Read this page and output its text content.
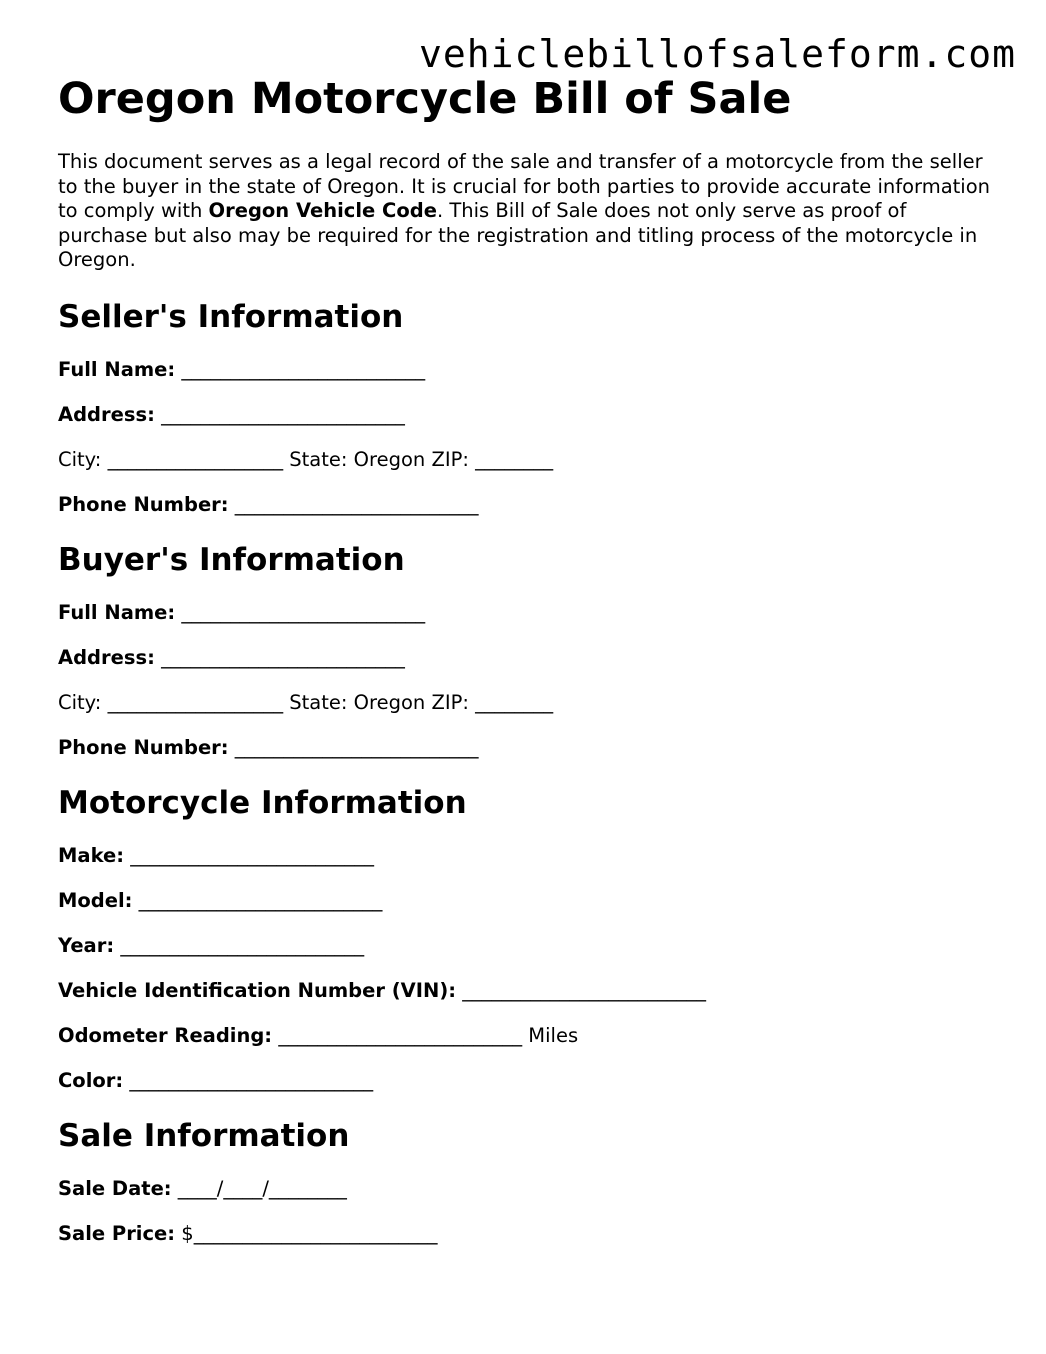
vehiclebillofsaleform.com
Oregon Motorcycle Bill of Sale

This document serves as a legal record of the sale and transfer of a motorcycle from the seller to the buyer in the state of Oregon. It is crucial for both parties to provide accurate information to comply with Oregon Vehicle Code. This Bill of Sale does not only serve as proof of purchase but also may be required for the registration and titling process of the motorcycle in Oregon.

Seller's Information
Full Name: _________________________
Address: _________________________
City: __________________ State: Oregon ZIP: ________
Phone Number: _________________________
Buyer's Information
Full Name: _________________________
Address: _________________________
City: __________________ State: Oregon ZIP: ________
Phone Number: _________________________
Motorcycle Information
Make: _________________________
Model: _________________________
Year: _________________________
Vehicle Identification Number (VIN): _________________________
Odometer Reading: _________________________ Miles
Color: _________________________
Sale Information
Sale Date: ____/____/________
Sale Price: $_________________________
